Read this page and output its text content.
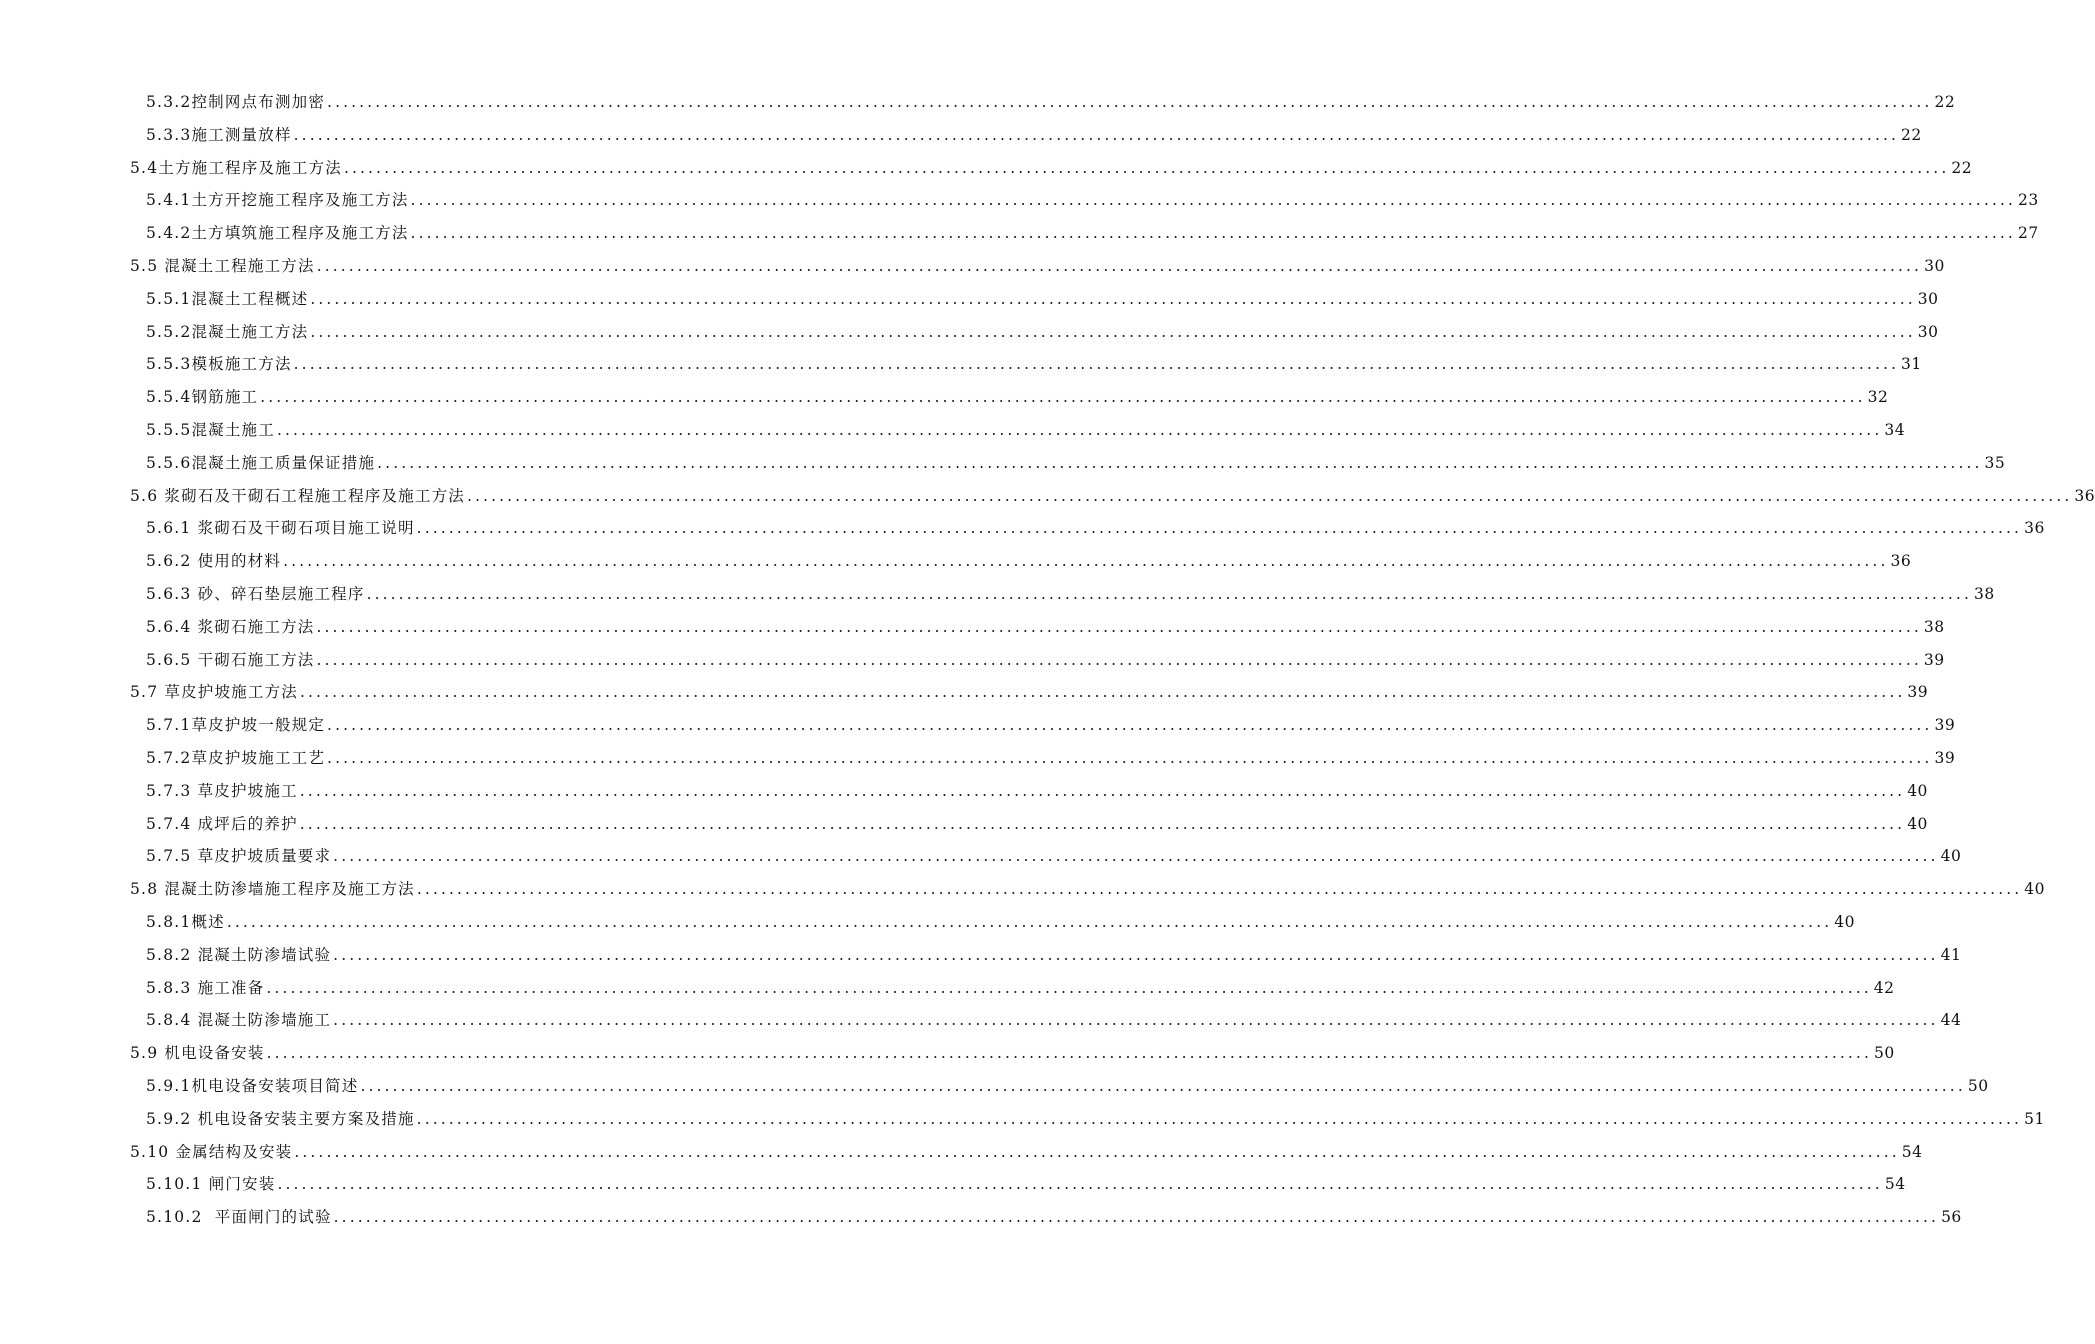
5.3.2控制网点布测加密 ........................................................................................................................................................................................................ 22
5.3.3施工测量放样 ........................................................................................................................................................................................................ 22
5.4土方施工程序及施工方法 ........................................................................................................................................................................................................ 22
5.4.1土方开挖施工程序及施工方法 ........................................................................................................................................................................................................ 23
5.4.2土方填筑施工程序及施工方法 ........................................................................................................................................................................................................ 27
5.5 混凝土工程施工方法 ........................................................................................................................................................................................................ 30
5.5.1混凝土工程概述 ........................................................................................................................................................................................................ 30
5.5.2混凝土施工方法 ........................................................................................................................................................................................................ 30
5.5.3模板施工方法 ........................................................................................................................................................................................................ 31
5.5.4钢筋施工 ........................................................................................................................................................................................................ 32
5.5.5混凝土施工 ........................................................................................................................................................................................................ 34
5.5.6混凝土施工质量保证措施 ........................................................................................................................................................................................................ 35
5.6 浆砌石及干砌石工程施工程序及施工方法 ........................................................................................................................................................................................................ 36
5.6.1 浆砌石及干砌石项目施工说明 ........................................................................................................................................................................................................ 36
5.6.2 使用的材料 ........................................................................................................................................................................................................ 36
5.6.3 砂、碎石垫层施工程序 ........................................................................................................................................................................................................ 38
5.6.4 浆砌石施工方法 ........................................................................................................................................................................................................ 38
5.6.5 干砌石施工方法 ........................................................................................................................................................................................................ 39
5.7 草皮护坡施工方法 ........................................................................................................................................................................................................ 39
5.7.1草皮护坡一般规定 ........................................................................................................................................................................................................ 39
5.7.2草皮护坡施工工艺 ........................................................................................................................................................................................................ 39
5.7.3 草皮护坡施工 ........................................................................................................................................................................................................ 40
5.7.4 成坪后的养护 ........................................................................................................................................................................................................ 40
5.7.5 草皮护坡质量要求 ........................................................................................................................................................................................................ 40
5.8 混凝土防渗墙施工程序及施工方法 ........................................................................................................................................................................................................ 40
5.8.1概述 ........................................................................................................................................................................................................ 40
5.8.2 混凝土防渗墙试验 ........................................................................................................................................................................................................ 41
5.8.3 施工准备 ........................................................................................................................................................................................................ 42
5.8.4 混凝土防渗墙施工 ........................................................................................................................................................................................................ 44
5.9 机电设备安装 ........................................................................................................................................................................................................ 50
5.9.1机电设备安装项目简述 ........................................................................................................................................................................................................ 50
5.9.2 机电设备安装主要方案及措施 ........................................................................................................................................................................................................ 51
5.10 金属结构及安装 ........................................................................................................................................................................................................ 54
5.10.1 闸门安装 ........................................................................................................................................................................................................ 54
5.10.2  平面闸门的试验 ........................................................................................................................................................................................................ 56
